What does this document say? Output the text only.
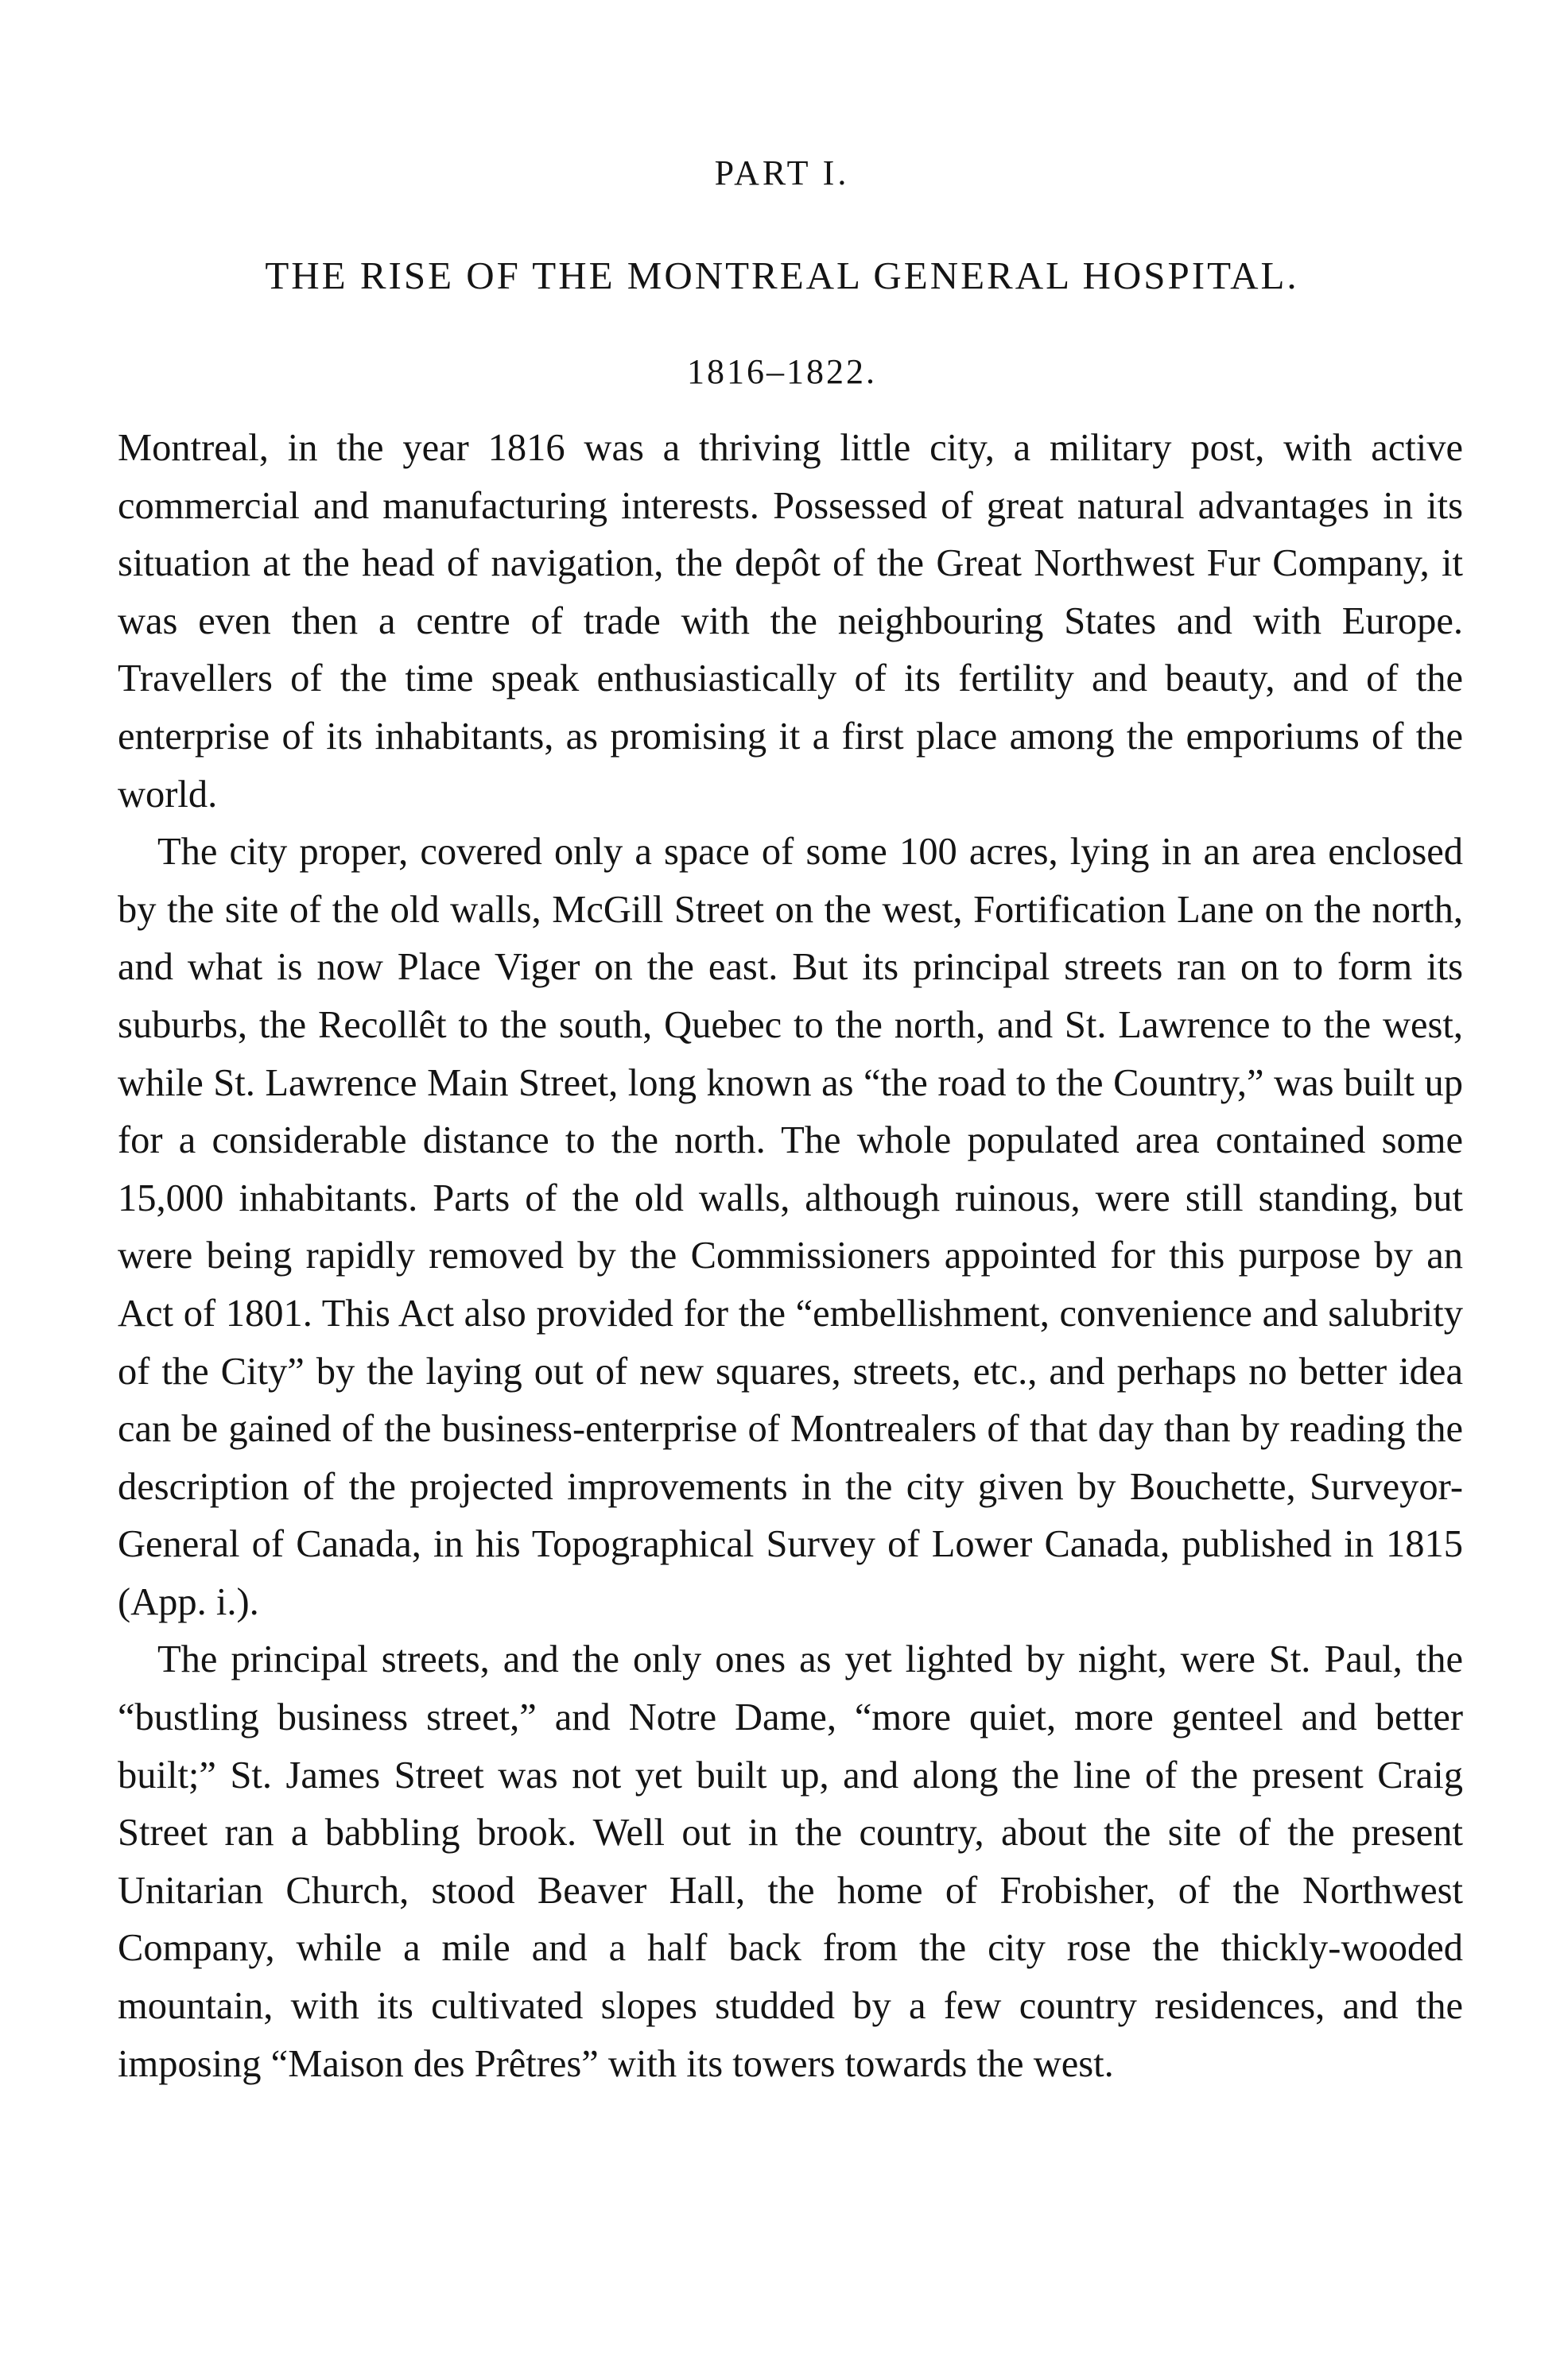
PART I.
THE RISE OF THE MONTREAL GENERAL HOSPITAL.
1816–1822.

Montreal, in the year 1816 was a thriving little city, a military post, with active commercial and manufacturing interests. Possessed of great natural advantages in its situation at the head of navigation, the depôt of the Great Northwest Fur Company, it was even then a centre of trade with the neighbouring States and with Europe. Travellers of the time speak enthusiastically of its fertility and beauty, and of the enterprise of its inhabitants, as promising it a first place among the emporiums of the world.

The city proper, covered only a space of some 100 acres, lying in an area enclosed by the site of the old walls, McGill Street on the west, Fortification Lane on the north, and what is now Place Viger on the east. But its principal streets ran on to form its suburbs, the Recollêt to the south, Quebec to the north, and St. Lawrence to the west, while St. Lawrence Main Street, long known as “the road to the Country,” was built up for a considerable distance to the north. The whole populated area contained some 15,000 inhabitants. Parts of the old walls, although ruinous, were still standing, but were being rapidly removed by the Commissioners appointed for this purpose by an Act of 1801. This Act also provided for the “embellishment, convenience and salubrity of the City” by the laying out of new squares, streets, etc., and perhaps no better idea can be gained of the business-enterprise of Montrealers of that day than by reading the description of the projected improvements in the city given by Bouchette, Surveyor-General of Canada, in his Topographical Survey of Lower Canada, published in 1815 (App. i.).

The principal streets, and the only ones as yet lighted by night, were St. Paul, the “bustling business street,” and Notre Dame, “more quiet, more genteel and better built;” St. James Street was not yet built up, and along the line of the present Craig Street ran a babbling brook. Well out in the country, about the site of the present Unitarian Church, stood Beaver Hall, the home of Frobisher, of the Northwest Company, while a mile and a half back from the city rose the thickly-wooded mountain, with its cultivated slopes studded by a few country residences, and the imposing “Maison des Prêtres” with its towers towards the west.
